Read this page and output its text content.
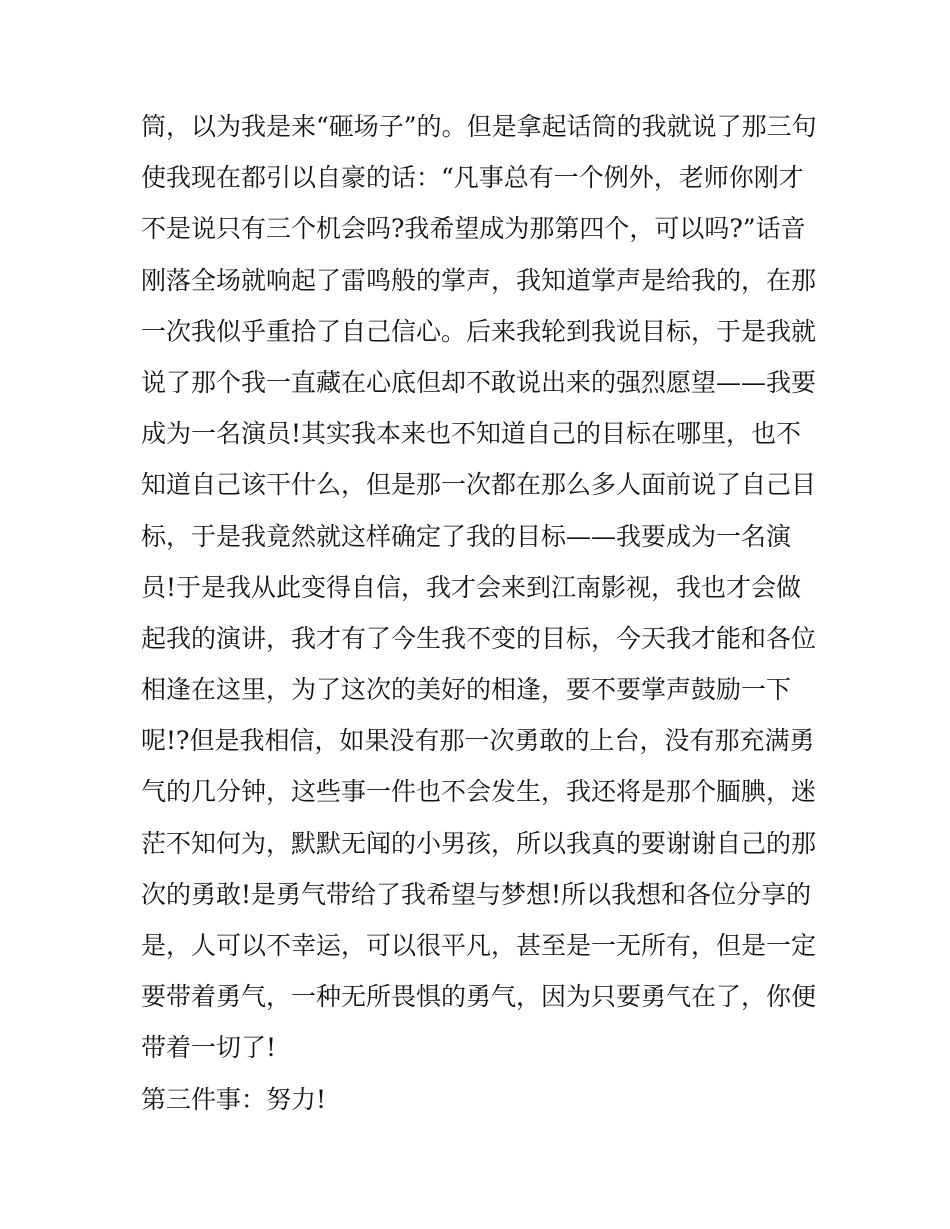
筒，以为我是来“砸场子”的。但是拿起话筒的我就说了那三句
使我现在都引以自豪的话：“凡事总有一个例外，老师你刚才
不是说只有三个机会吗?我希望成为那第四个，可以吗?”话音
刚落全场就响起了雷鸣般的掌声，我知道掌声是给我的，在那
一次我似乎重拾了自己信心。后来我轮到我说目标，于是我就
说了那个我一直藏在心底但却不敢说出来的强烈愿望——我要
成为一名演员!其实我本来也不知道自己的目标在哪里，也不
知道自己该干什么，但是那一次都在那么多人面前说了自己目
标，于是我竟然就这样确定了我的目标——我要成为一名演
员!于是我从此变得自信，我才会来到江南影视，我也才会做
起我的演讲，我才有了今生我不变的目标，今天我才能和各位
相逢在这里，为了这次的美好的相逢，要不要掌声鼓励一下
呢!?但是我相信，如果没有那一次勇敢的上台，没有那充满勇
气的几分钟，这些事一件也不会发生，我还将是那个腼腆，迷
茫不知何为，默默无闻的小男孩，所以我真的要谢谢自己的那
次的勇敢!是勇气带给了我希望与梦想!所以我想和各位分享的
是，人可以不幸运，可以很平凡，甚至是一无所有，但是一定
要带着勇气，一种无所畏惧的勇气，因为只要勇气在了，你便
带着一切了!
第三件事：努力!
